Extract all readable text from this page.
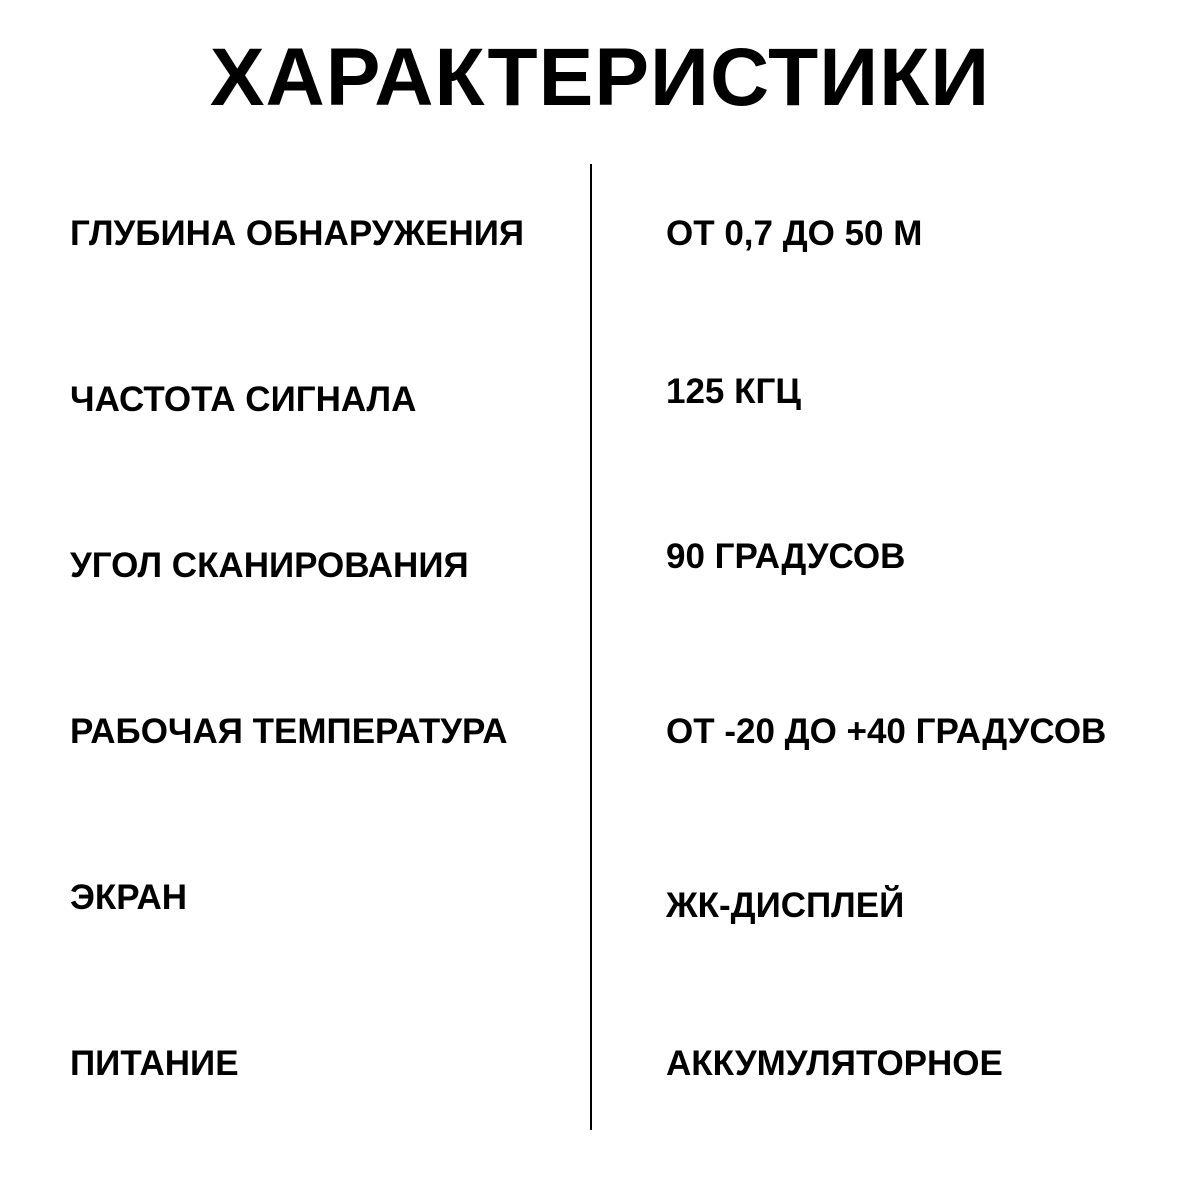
ХАРАКТЕРИСТИКИ
ГЛУБИНА ОБНАРУЖЕНИЯ	ОТ 0,7 ДО 50 М
ЧАСТОТА СИГНАЛА	125 КГЦ
УГОЛ СКАНИРОВАНИЯ	90 ГРАДУСОВ
РАБОЧАЯ ТЕМПЕРАТУРА	ОТ -20 ДО +40 ГРАДУСОВ
ЭКРАН	ЖК-ДИСПЛЕЙ
ПИТАНИЕ	АККУМУЛЯТОРНОЕ
